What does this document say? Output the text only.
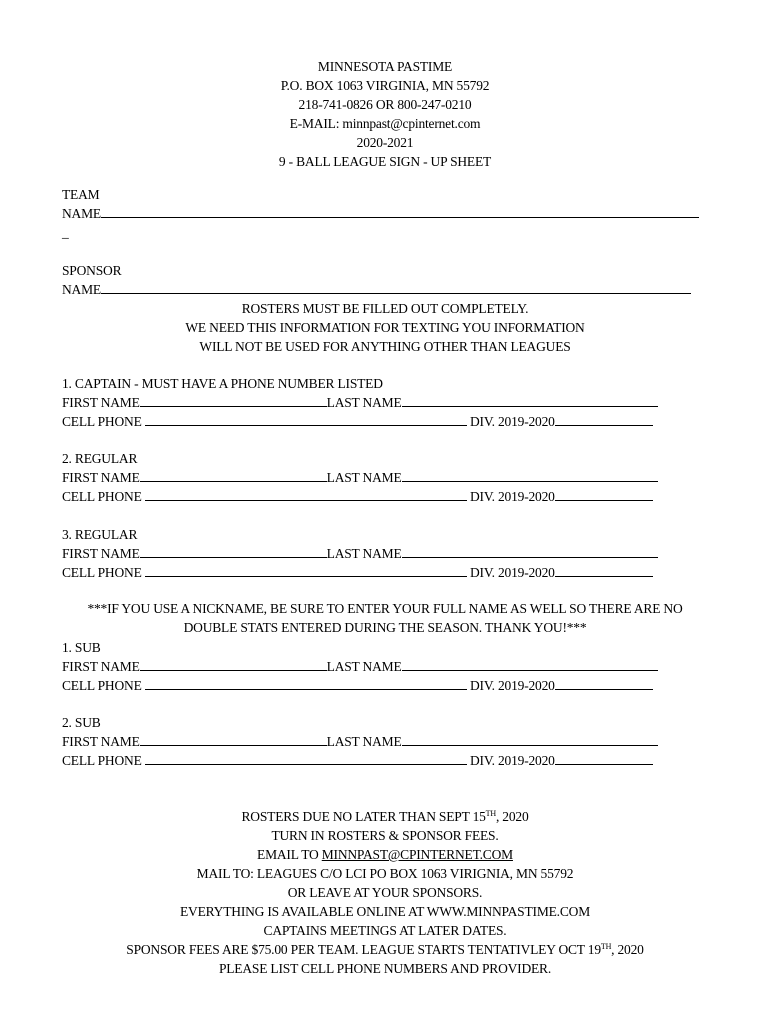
MINNESOTA PASTIME
P.O. BOX 1063 VIRGINIA, MN 55792
218-741-0826 OR 800-247-0210
E-MAIL: minnpast@cpinternet.com
2020-2021
9 - BALL LEAGUE SIGN - UP SHEET
TEAM
NAME
_
SPONSOR
NAME
ROSTERS MUST BE FILLED OUT COMPLETELY.
WE NEED THIS INFORMATION FOR TEXTING YOU INFORMATION
WILL NOT BE USED FOR ANYTHING OTHER THAN LEAGUES
1. CAPTAIN - MUST HAVE A PHONE NUMBER LISTED
FIRST NAME	LAST NAME
CELL PHONE	DIV. 2019-2020
2. REGULAR
FIRST NAME	LAST NAME
CELL PHONE	DIV. 2019-2020
3. REGULAR
FIRST NAME	LAST NAME
CELL PHONE	DIV. 2019-2020
1. SUB
FIRST NAME	LAST NAME
CELL PHONE	DIV. 2019-2020
2. SUB
FIRST NAME	LAST NAME
CELL PHONE	DIV. 2019-2020
***IF YOU USE A NICKNAME, BE SURE TO ENTER YOUR FULL NAME AS WELL SO THERE ARE NO
DOUBLE STATS ENTERED DURING THE SEASON. THANK YOU!***
ROSTERS DUE NO LATER THAN SEPT 15TH, 2020
TURN IN ROSTERS & SPONSOR FEES.
EMAIL TO MINNPAST@CPINTERNET.COM
MAIL TO: LEAGUES C/O LCI PO BOX 1063 VIRIGNIA, MN 55792
OR LEAVE AT YOUR SPONSORS.
EVERYTHING IS AVAILABLE ONLINE AT WWW.MINNPASTIME.COM
CAPTAINS MEETINGS AT LATER DATES.
SPONSOR FEES ARE $75.00 PER TEAM. LEAGUE STARTS TENTATIVLEY OCT 19TH, 2020
PLEASE LIST CELL PHONE NUMBERS AND PROVIDER.
